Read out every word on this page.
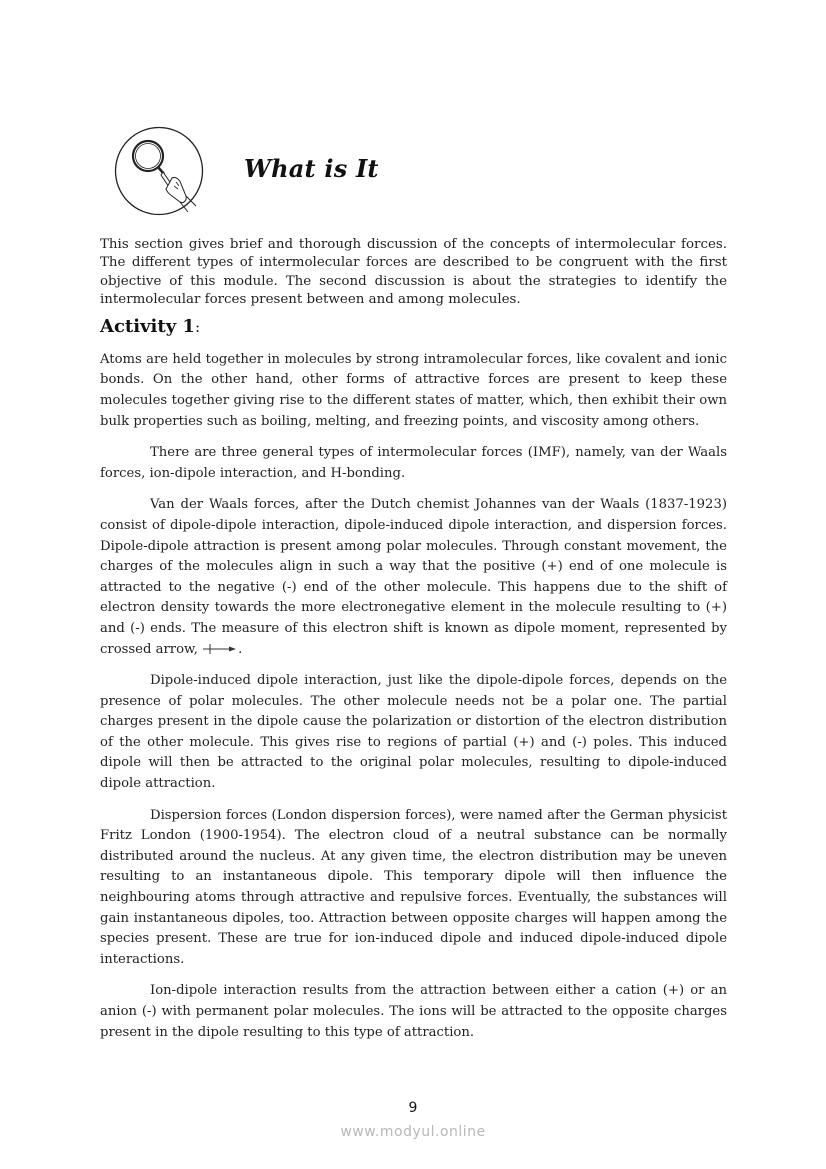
What is It

This section gives brief and thorough discussion of the concepts of intermolecular forces. The different types of intermolecular forces are described to be congruent with the first objective of this module. The second discussion is about the strategies to identify the intermolecular forces present between and among molecules.

Activity 1:

Atoms are held together in molecules by strong intramolecular forces, like covalent and ionic bonds. On the other hand, other forms of attractive forces are present to keep these molecules together giving rise to the different states of matter, which, then exhibit their own bulk properties such as boiling, melting, and freezing points, and viscosity among others.

There are three general types of intermolecular forces (IMF), namely, van der Waals forces, ion-dipole interaction, and H-bonding.

Van der Waals forces, after the Dutch chemist Johannes van der Waals (1837-1923) consist of dipole-dipole interaction, dipole-induced dipole interaction, and dispersion forces. Dipole-dipole attraction is present among polar molecules. Through constant movement, the charges of the molecules align in such a way that the positive (+) end of one molecule is attracted to the negative (-) end of the other molecule. This happens due to the shift of electron density towards the more electronegative element in the molecule resulting to (+) and (-) ends. The measure of this electron shift is known as dipole moment, represented by crossed arrow,	.

Dipole-induced dipole interaction, just like the dipole-dipole forces, depends on the presence of polar molecules. The other molecule needs not be a polar one. The partial charges present in the dipole cause the polarization or distortion of the electron distribution of the other molecule. This gives rise to regions of partial (+) and (-) poles. This induced dipole will then be attracted to the original polar molecules, resulting to dipole-induced dipole attraction.

Dispersion forces (London dispersion forces), were named after the German physicist Fritz London (1900-1954). The electron cloud of a neutral substance can be normally distributed around the nucleus. At any given time, the electron distribution may be uneven resulting to an instantaneous dipole. This temporary dipole will then influence the neighbouring atoms through attractive and repulsive forces. Eventually, the substances will gain instantaneous dipoles, too. Attraction between opposite charges will happen among the species present. These are true for ion-induced dipole and induced dipole-induced dipole interactions.

Ion-dipole interaction results from the attraction between either a cation (+) or an anion (-) with permanent polar molecules. The ions will be attracted to the opposite charges present in the dipole resulting to this type of attraction.

9
www.modyul.online
